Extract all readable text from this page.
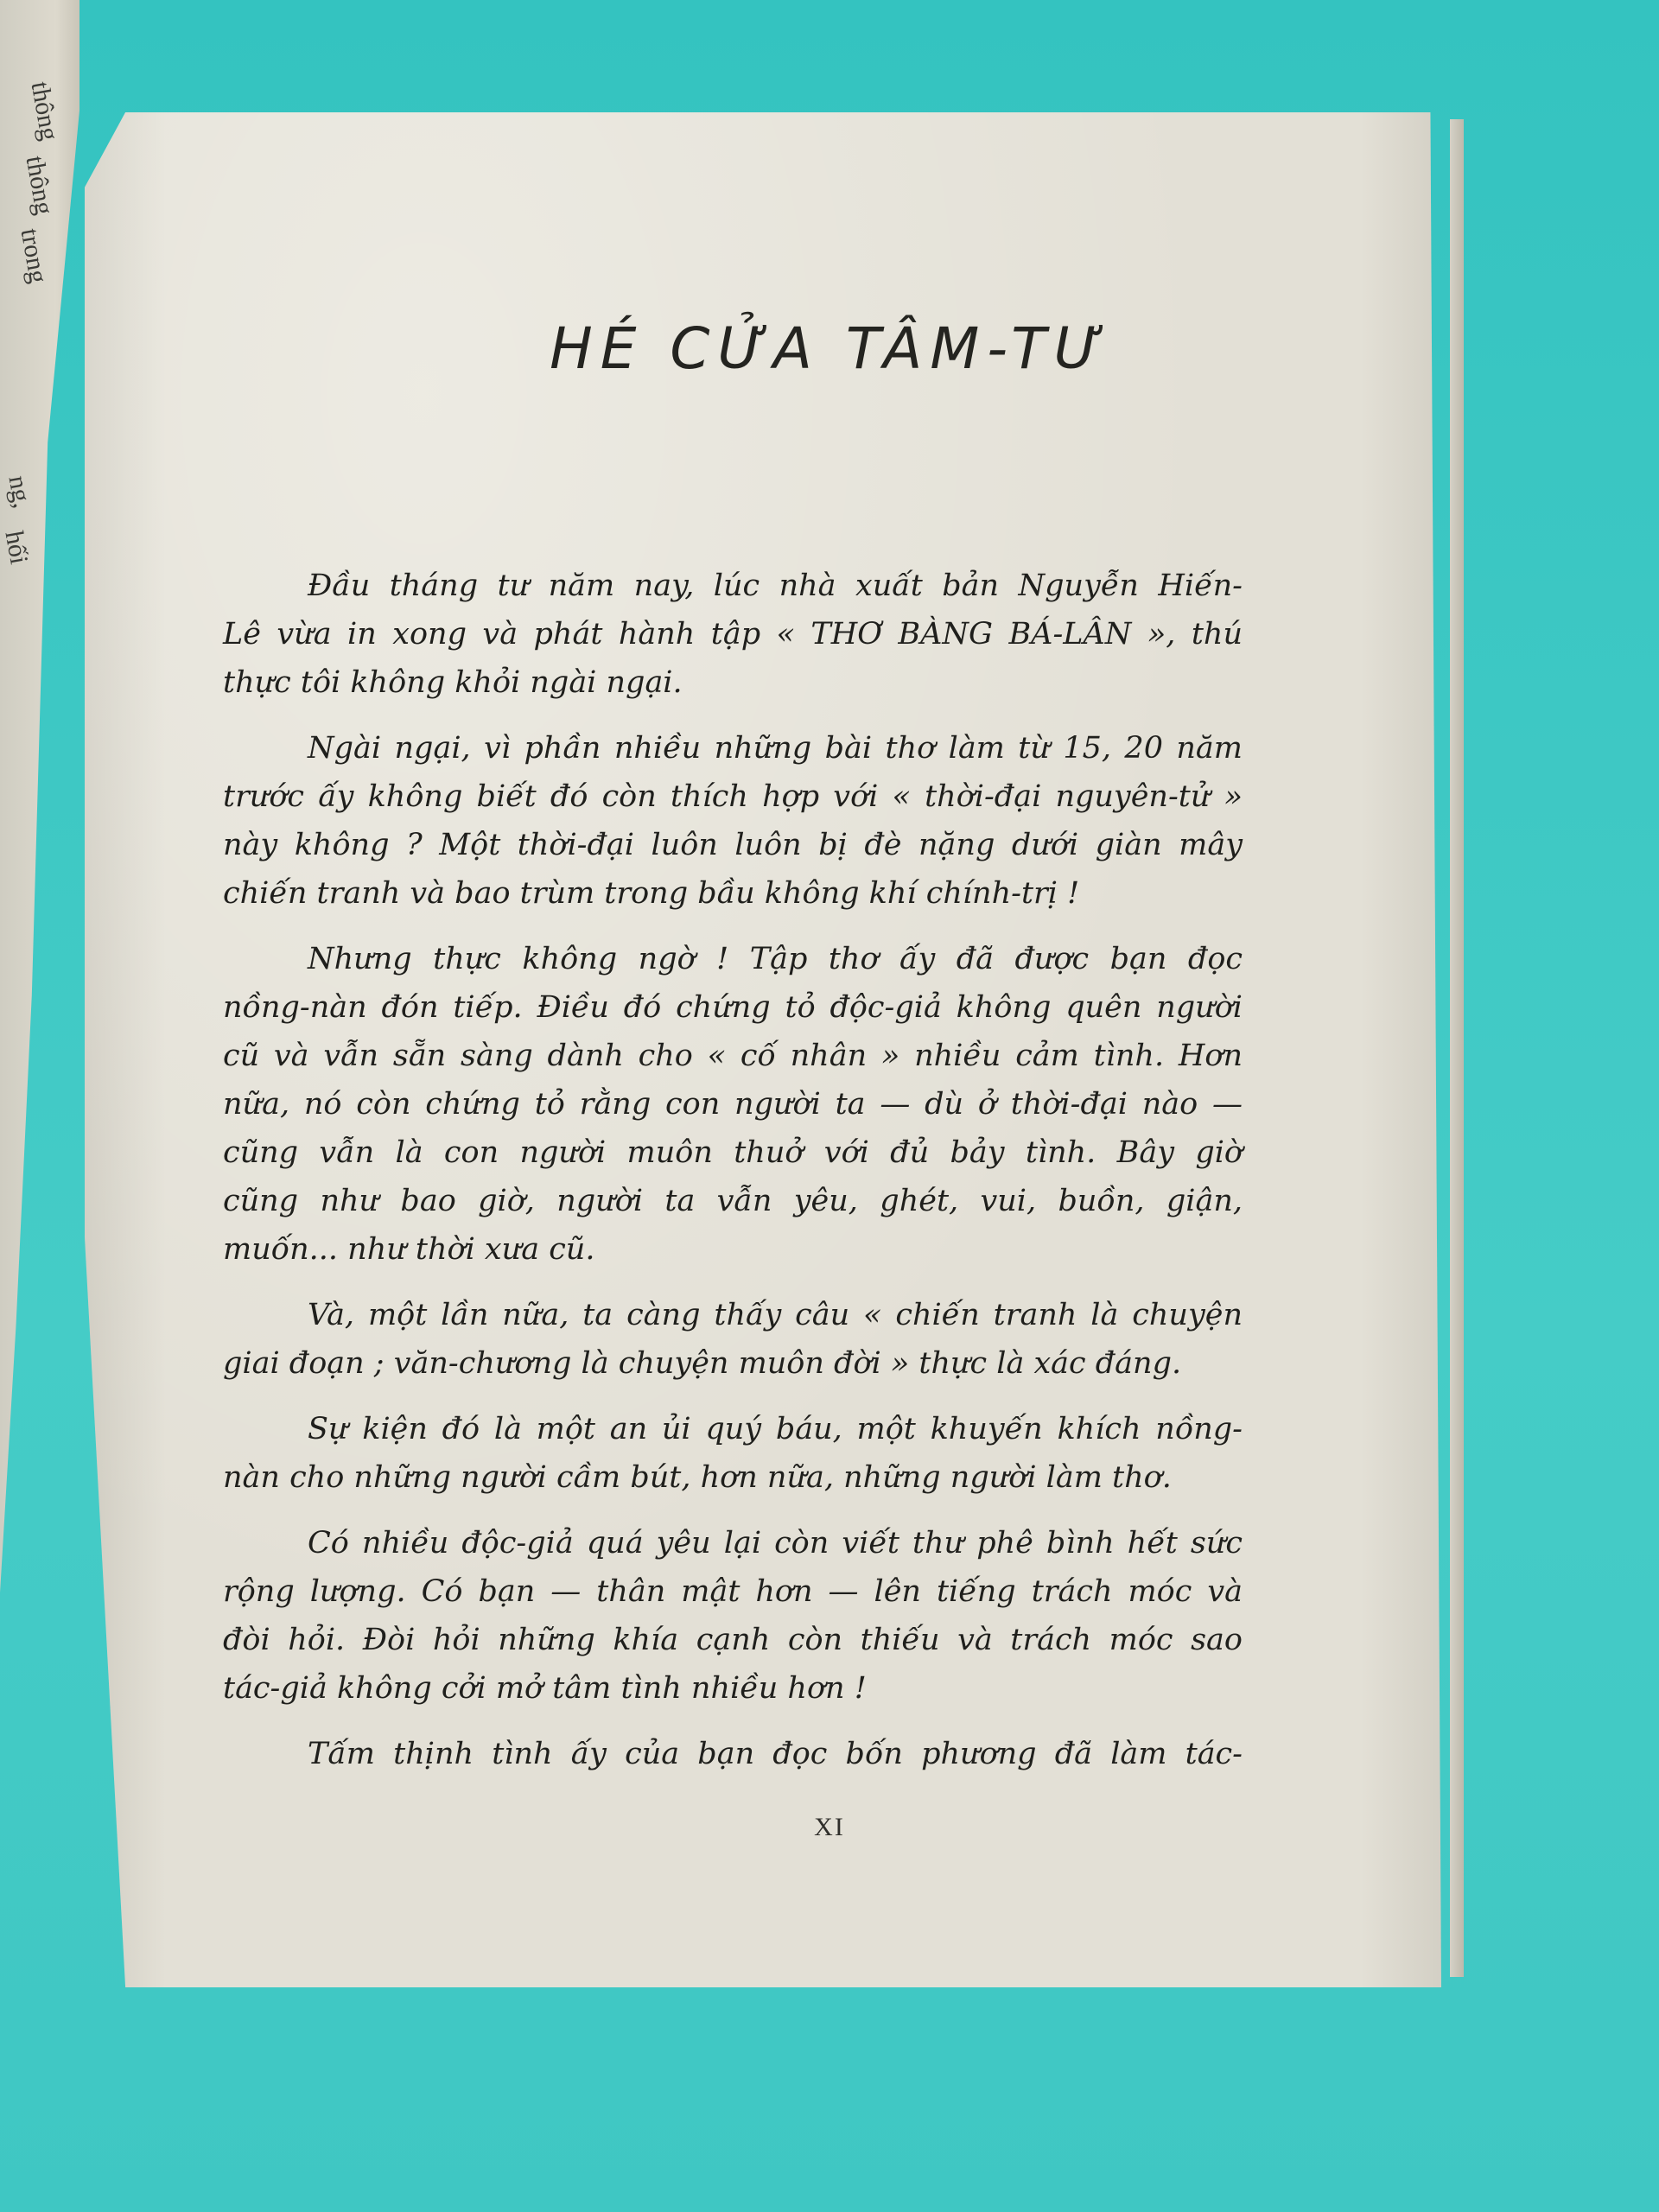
thông
thông
trong
ng,
hối
HÉ CỬA TÂM-TƯ
Đầu tháng tư năm nay, lúc nhà xuất bản Nguyễn Hiến-
Lê vừa in xong và phát hành tập « THƠ BÀNG BÁ-LÂN », thú
thực tôi không khỏi ngài ngại.
Ngài ngại, vì phần nhiều những bài thơ làm từ 15, 20 năm
trước ấy không biết đó còn thích hợp với « thời-đại nguyên-tử »
này không ? Một thời-đại luôn luôn bị đè nặng dưới giàn mây
chiến tranh và bao trùm trong bầu không khí chính-trị !
Nhưng thực không ngờ ! Tập thơ ấy đã được bạn đọc
nồng-nàn đón tiếp. Điều đó chứng tỏ độc-giả không quên người
cũ và vẫn sẵn sàng dành cho « cố nhân » nhiều cảm tình. Hơn
nữa, nó còn chứng tỏ rằng con người ta — dù ở thời-đại nào —
cũng vẫn là con người muôn thuở với đủ bảy tình. Bây giờ
cũng như bao giờ, người ta vẫn yêu, ghét, vui, buồn, giận,
muốn... như thời xưa cũ.
Và, một lần nữa, ta càng thấy câu « chiến tranh là chuyện
giai đoạn ; văn-chương là chuyện muôn đời » thực là xác đáng.
Sự kiện đó là một an ủi quý báu, một khuyến khích nồng-
nàn cho những người cầm bút, hơn nữa, những người làm thơ.
Có nhiều độc-giả quá yêu lại còn viết thư phê bình hết sức
rộng lượng. Có bạn — thân mật hơn — lên tiếng trách móc và
đòi hỏi. Đòi hỏi những khía cạnh còn thiếu và trách móc sao
tác-giả không cởi mở tâm tình nhiều hơn !
Tấm thịnh tình ấy của bạn đọc bốn phương đã làm tác-
XI
